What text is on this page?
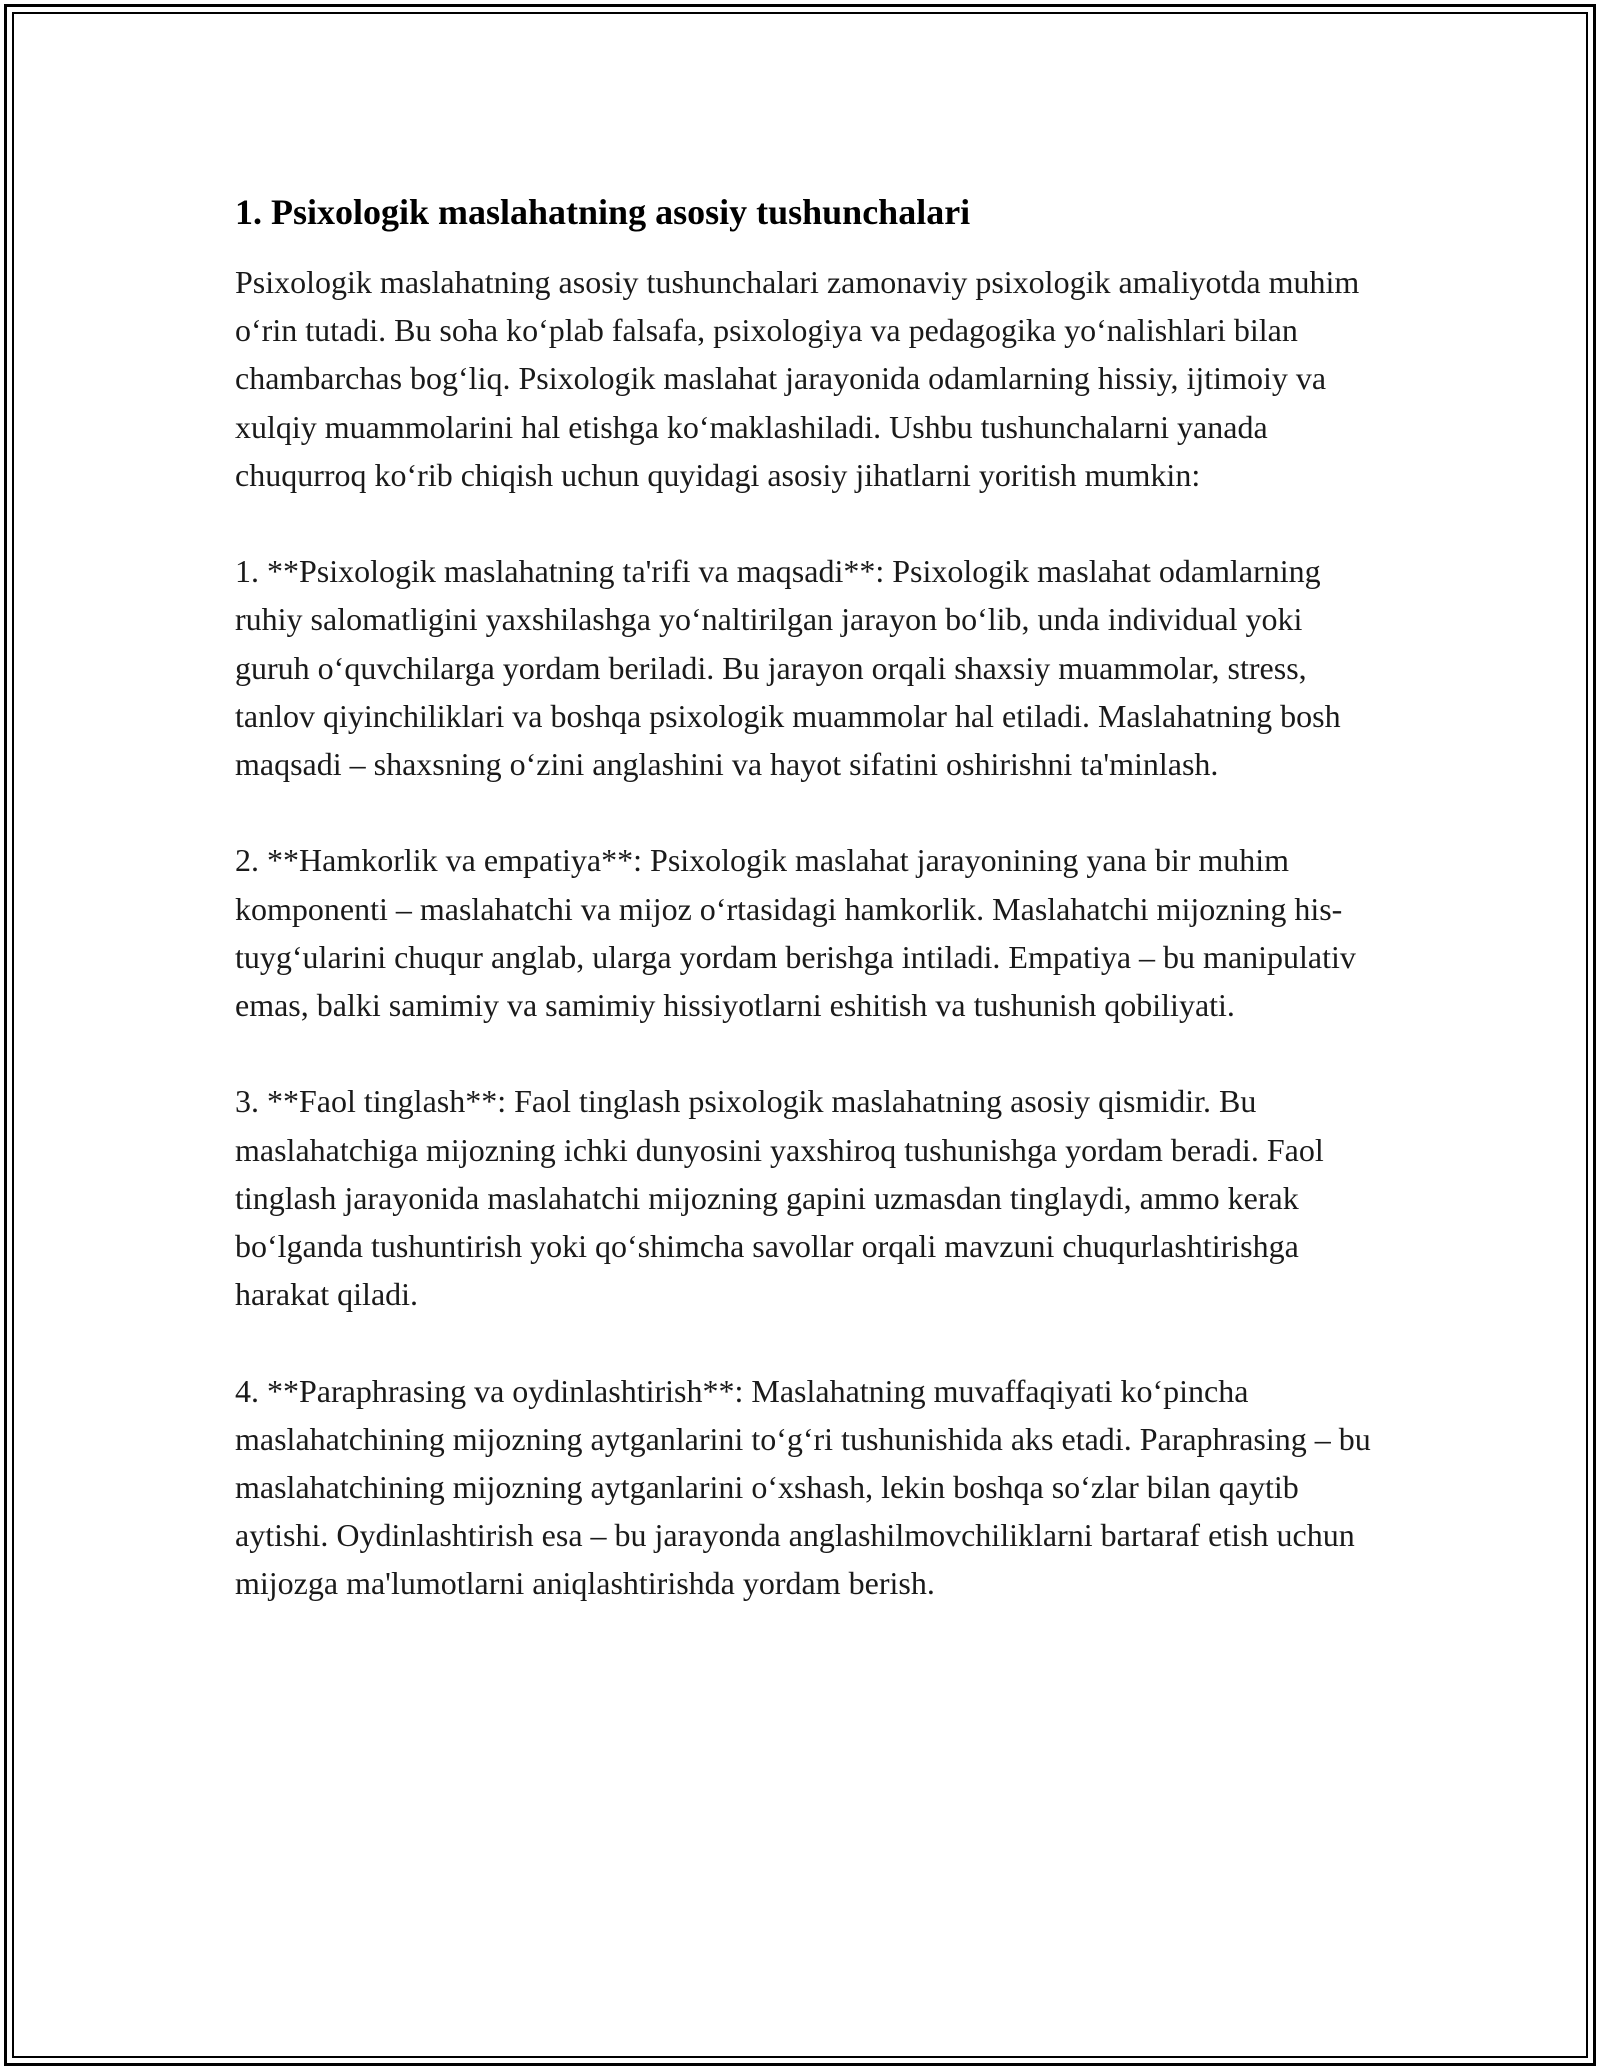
1. Psixologik maslahatning asosiy tushunchalari

Psixologik maslahatning asosiy tushunchalari zamonaviy psixologik amaliyotda muhim o‘rin tutadi. Bu soha ko‘plab falsafa, psixologiya va pedagogika yo‘nalishlari bilan chambarchas bog‘liq. Psixologik maslahat jarayonida odamlarning hissiy, ijtimoiy va xulqiy muammolarini hal etishga ko‘maklashiladi. Ushbu tushunchalarni yanada chuqurroq ko‘rib chiqish uchun quyidagi asosiy jihatlarni yoritish mumkin:

1. **Psixologik maslahatning ta'rifi va maqsadi**: Psixologik maslahat odamlarning ruhiy salomatligini yaxshilashga yo‘naltirilgan jarayon bo‘lib, unda individual yoki guruh o‘quvchilarga yordam beriladi. Bu jarayon orqali shaxsiy muammolar, stress, tanlov qiyinchiliklari va boshqa psixologik muammolar hal etiladi. Maslahatning bosh maqsadi – shaxsning o‘zini anglashini va hayot sifatini oshirishni ta'minlash.

2. **Hamkorlik va empatiya**: Psixologik maslahat jarayonining yana bir muhim komponenti – maslahatchi va mijoz o‘rtasidagi hamkorlik. Maslahatchi mijozning his-tuyg‘ularini chuqur anglab, ularga yordam berishga intiladi. Empatiya – bu manipulativ emas, balki samimiy va samimiy hissiyotlarni eshitish va tushunish qobiliyati.

3. **Faol tinglash**: Faol tinglash psixologik maslahatning asosiy qismidir. Bu maslahatchiga mijozning ichki dunyosini yaxshiroq tushunishga yordam beradi. Faol tinglash jarayonida maslahatchi mijozning gapini uzmasdan tinglaydi, ammo kerak bo‘lganda tushuntirish yoki qo‘shimcha savollar orqali mavzuni chuqurlashtirishga harakat qiladi.

4. **Paraphrasing va oydinlashtirish**: Maslahatning muvaffaqiyati ko‘pincha maslahatchining mijozning aytganlarini to‘g‘ri tushunishida aks etadi. Paraphrasing – bu maslahatchining mijozning aytganlarini o‘xshash, lekin boshqa so‘zlar bilan qaytib aytishi. Oydinlashtirish esa – bu jarayonda anglashilmovchiliklarni bartaraf etish uchun mijozga ma'lumotlarni aniqlashtirishda yordam berish.
